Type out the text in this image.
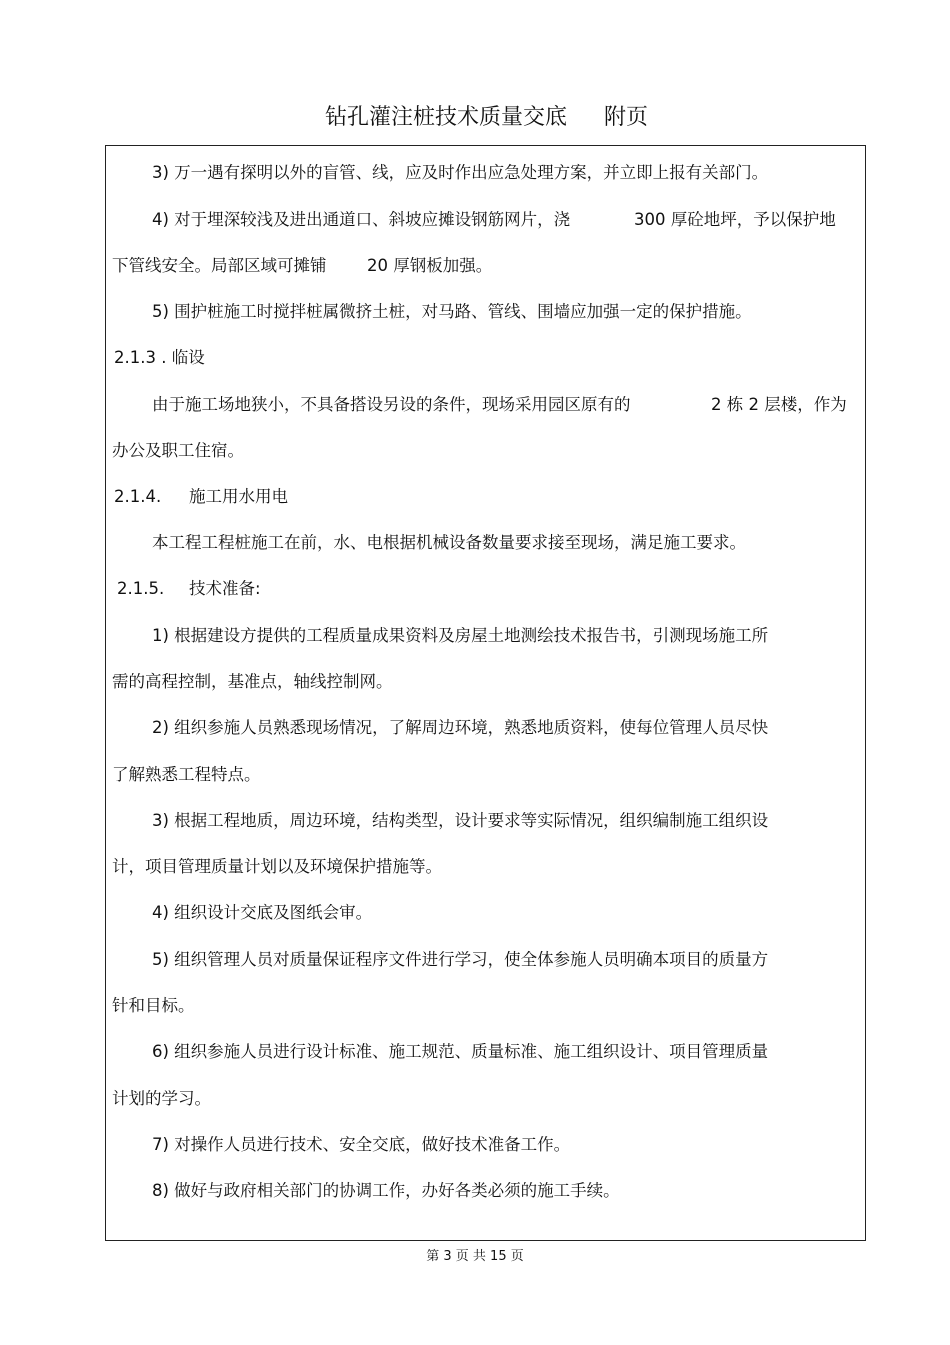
钻孔灌注桩技术质量交底 附页
3) 万一遇有探明以外的盲管、线，应及时作出应急处理方案，并立即上报有关部门。
4) 对于埋深较浅及进出通道口、斜坡应摊设钢筋网片，浇	300 厚砼地坪，予以保护地
下管线安全。局部区域可摊铺 20 厚钢板加强。
5) 围护桩施工时搅拌桩属微挤土桩，对马路、管线、围墙应加强一定的保护措施。
2.1.3 . 临设
由于施工场地狭小，不具备搭设另设的条件，现场采用园区原有的	2 栋 2 层楼，作为
办公及职工住宿。
2.1.4. 施工用水用电
本工程工程桩施工在前，水、电根据机械设备数量要求接至现场，满足施工要求。
2.1.5. 技术准备:
1) 根据建设方提供的工程质量成果资料及房屋土地测绘技术报告书，引测现场施工所
需的高程控制，基准点，轴线控制网。
2) 组织参施人员熟悉现场情况，了解周边环境，熟悉地质资料，使每位管理人员尽快
了解熟悉工程特点。
3) 根据工程地质，周边环境，结构类型，设计要求等实际情况，组织编制施工组织设
计，项目管理质量计划以及环境保护措施等。
4) 组织设计交底及图纸会审。
5) 组织管理人员对质量保证程序文件进行学习，使全体参施人员明确本项目的质量方
针和目标。
6) 组织参施人员进行设计标准、施工规范、质量标准、施工组织设计、项目管理质量
计划的学习。
7) 对操作人员进行技术、安全交底，做好技术准备工作。
8) 做好与政府相关部门的协调工作，办好各类必须的施工手续。
第 3 页 共 15 页
